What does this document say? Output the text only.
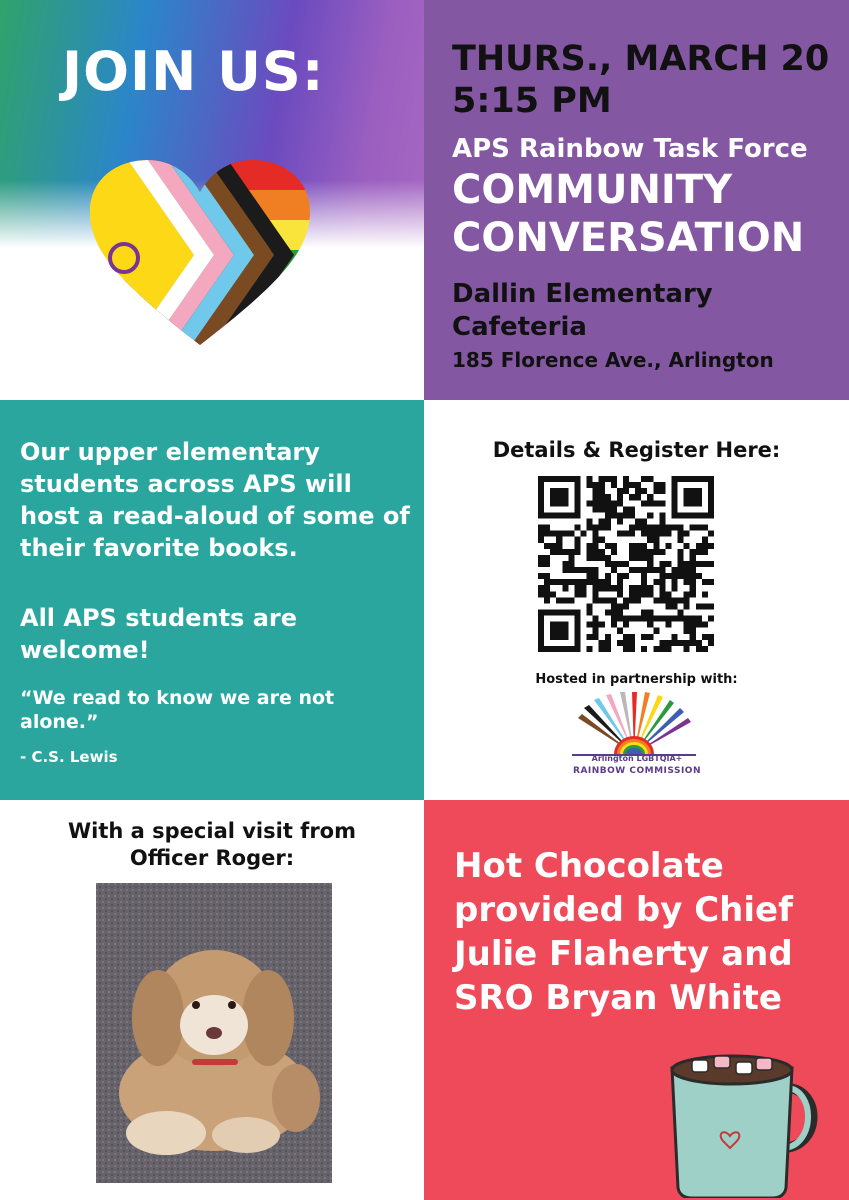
JOIN US:	THURS., MARCH 20
5:15 PM
APS Rainbow Task Force
COMMUNITY
CONVERSATION
Dallin Elementary
Cafeteria
185 Florence Ave., Arlington
Our upper elementary students across APS will host a read-aloud of some of their favorite books.
All APS students are welcome!
“We read to know we are not alone.”
- C.S. Lewis
Details & Register Here:
Hosted in partnership with:
Arlington LGBTQIA+
RAINBOW COMMISSION
With a special visit from
Officer Roger:	Hot Chocolate provided by Chief Julie Flaherty and SRO Bryan White
